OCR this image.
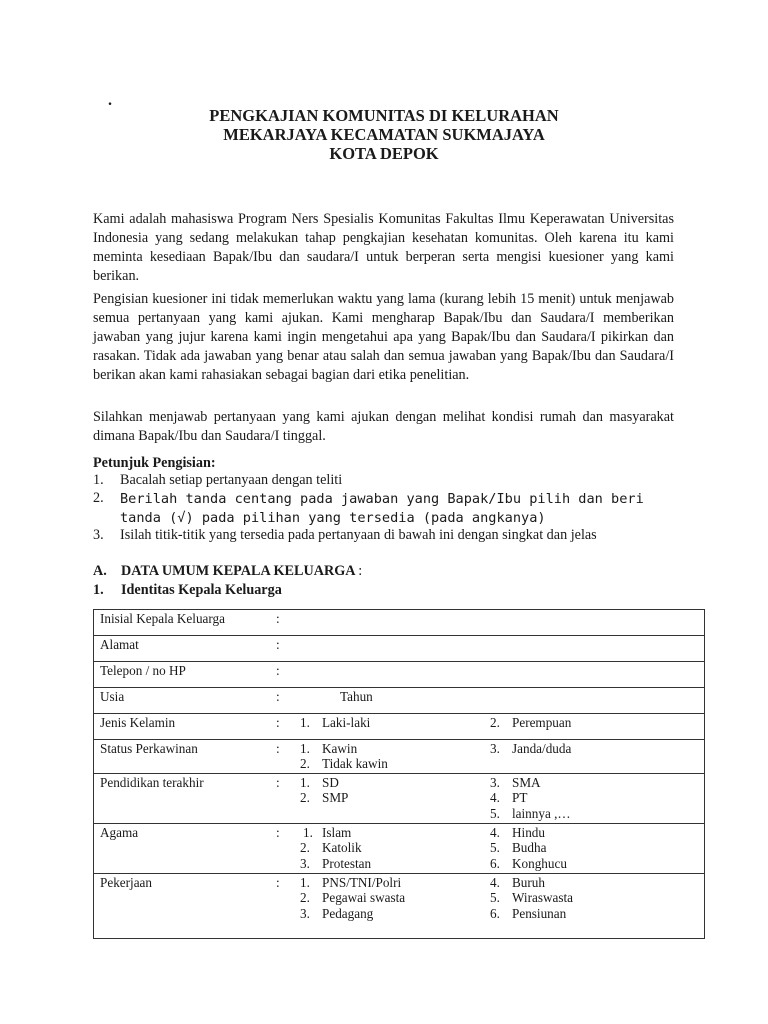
.
PENGKAJIAN KOMUNITAS DI KELURAHAN
MEKARJAYA KECAMATAN SUKMAJAYA
KOTA DEPOK
Kami adalah mahasiswa Program Ners Spesialis Komunitas Fakultas Ilmu Keperawatan Universitas Indonesia yang sedang melakukan tahap pengkajian kesehatan komunitas. Oleh karena itu kami meminta kesediaan Bapak/Ibu dan saudara/I untuk berperan serta mengisi kuesioner yang kami berikan.
Pengisian kuesioner ini tidak memerlukan waktu yang lama (kurang lebih 15 menit) untuk menjawab semua pertanyaan yang kami ajukan. Kami mengharap Bapak/Ibu dan Saudara/I memberikan jawaban yang jujur karena kami ingin mengetahui apa yang Bapak/Ibu dan Saudara/I pikirkan dan rasakan. Tidak ada jawaban yang benar atau salah dan semua jawaban yang Bapak/Ibu dan Saudara/I berikan akan kami rahasiakan sebagai bagian dari etika penelitian.
Silahkan menjawab pertanyaan yang kami ajukan dengan melihat kondisi rumah dan masyarakat dimana Bapak/Ibu dan Saudara/I tinggal.
Petunjuk Pengisian:
1. Bacalah setiap pertanyaan dengan teliti
2. Berilah tanda centang pada jawaban yang Bapak/Ibu pilih dan beri tanda (√) pada pilihan yang tersedia (pada angkanya)
3. Isilah titik-titik yang tersedia pada pertanyaan di bawah ini dengan singkat dan jelas
A. DATA UMUM KEPALA KELUARGA :
1. Identitas Kepala Keluarga
Inisial Kepala Keluarga	:

Alamat	:

Telepon / no HP	:

Usia	:	Tahun

Jenis Kelamin	: 1. Laki-laki	2. Perempuan

Status Perkawinan	: 1. Kawin
2. Tidak kawin
3. Janda/duda

Pendidikan terakhir	: 1. SD
2. SMP
3. SMA
4. PT
5. lainnya ,…

Agama	: 1. Islam
2. Katolik
3. Protestan
4. Hindu
5. Budha
6. Konghucu

Pekerjaan	: 1. PNS/TNI/Polri
2. Pegawai swasta
3. Pedagang
4. Buruh
5. Wiraswasta
6. Pensiunan
